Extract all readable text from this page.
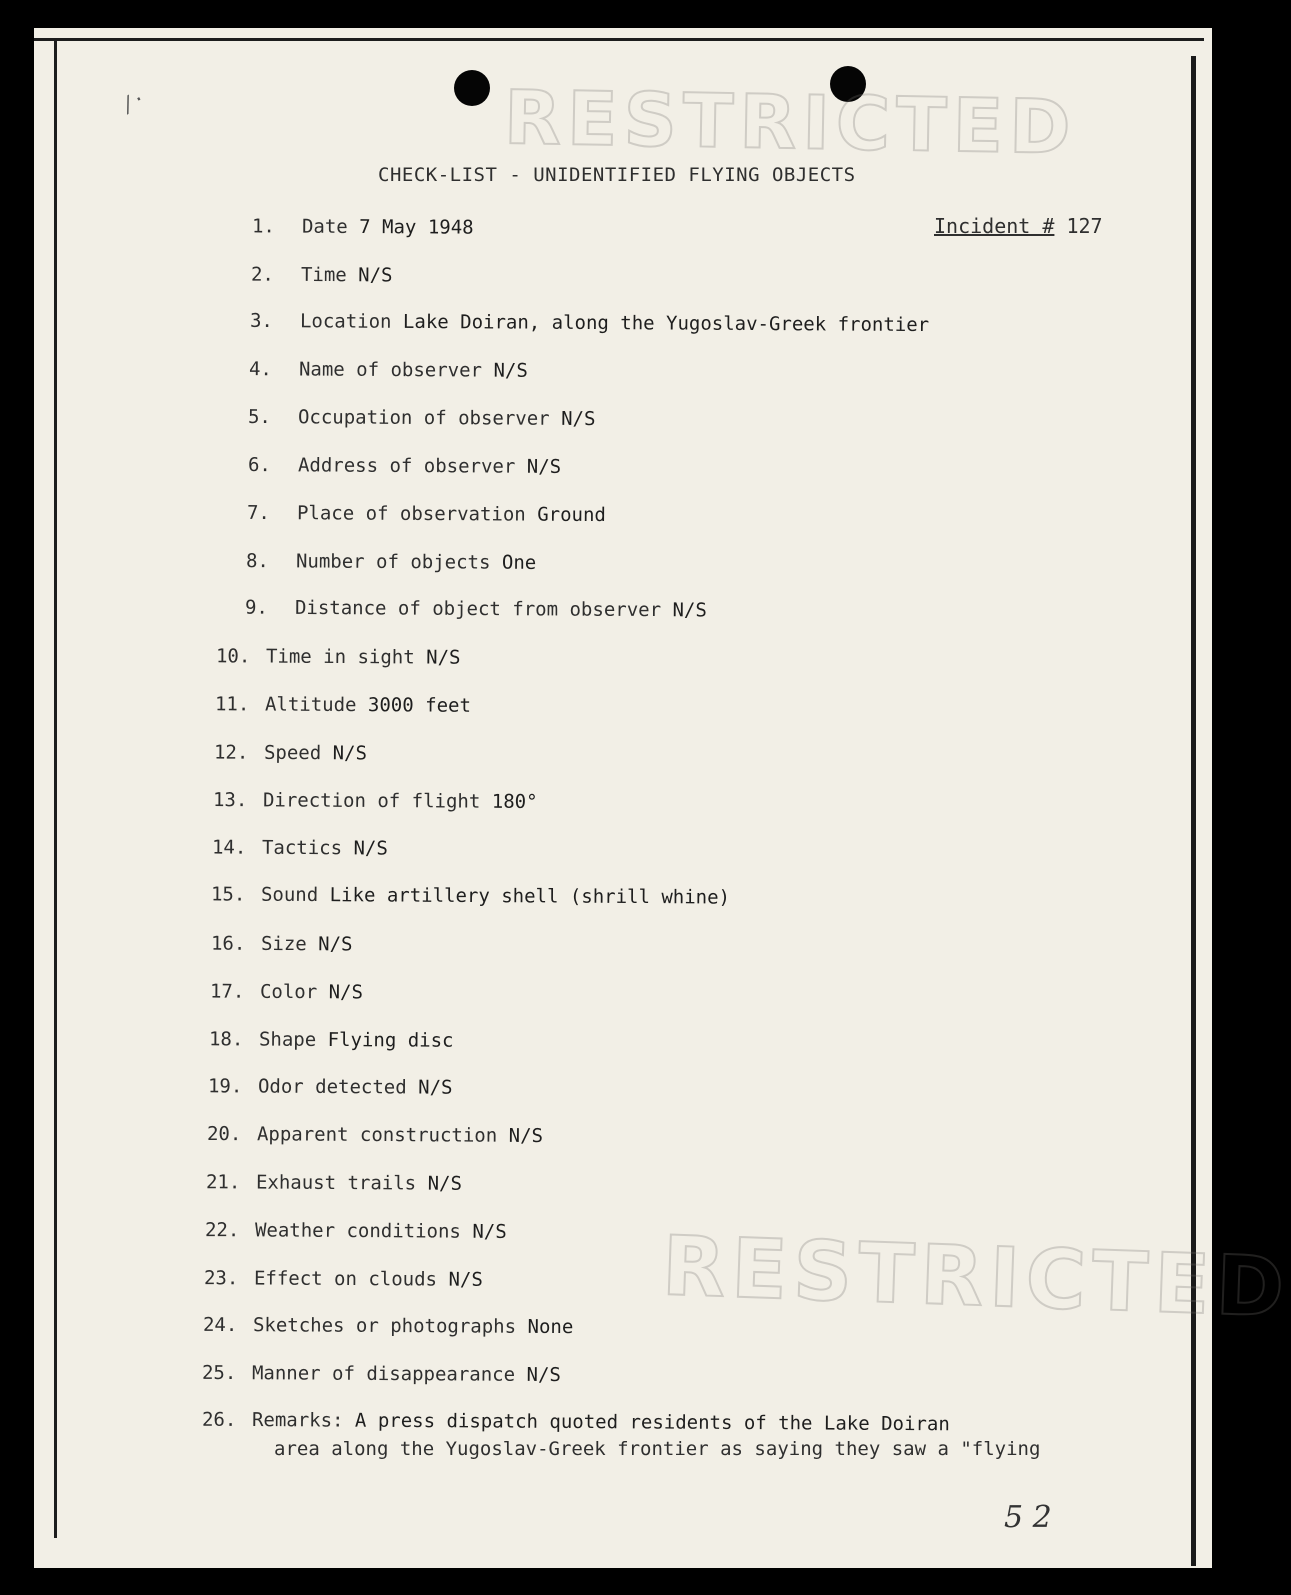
RESTRICTED
RESTRICTED
⁄ ·
CHECK-LIST - UNIDENTIFIED FLYING OBJECTS
Incident # 127
1. Date 7 May 1948
2. Time N/S
3. Location Lake Doiran, along the Yugoslav-Greek frontier
4. Name of observer N/S
5. Occupation of observer N/S
6. Address of observer N/S
7. Place of observation Ground
8. Number of objects One
9. Distance of object from observer N/S
10. Time in sight N/S
11. Altitude 3000 feet
12. Speed N/S
13. Direction of flight 180°
14. Tactics N/S
15. Sound Like artillery shell (shrill whine)
16. Size N/S
17. Color N/S
18. Shape Flying disc
19. Odor detected N/S
20. Apparent construction N/S
21. Exhaust trails N/S
22. Weather conditions N/S
23. Effect on clouds N/S
24. Sketches or photographs None
25. Manner of disappearance N/S
26. Remarks: A press dispatch quoted residents of the Lake Doiran
area along the Yugoslav-Greek frontier as saying they saw a "flying
5 2
